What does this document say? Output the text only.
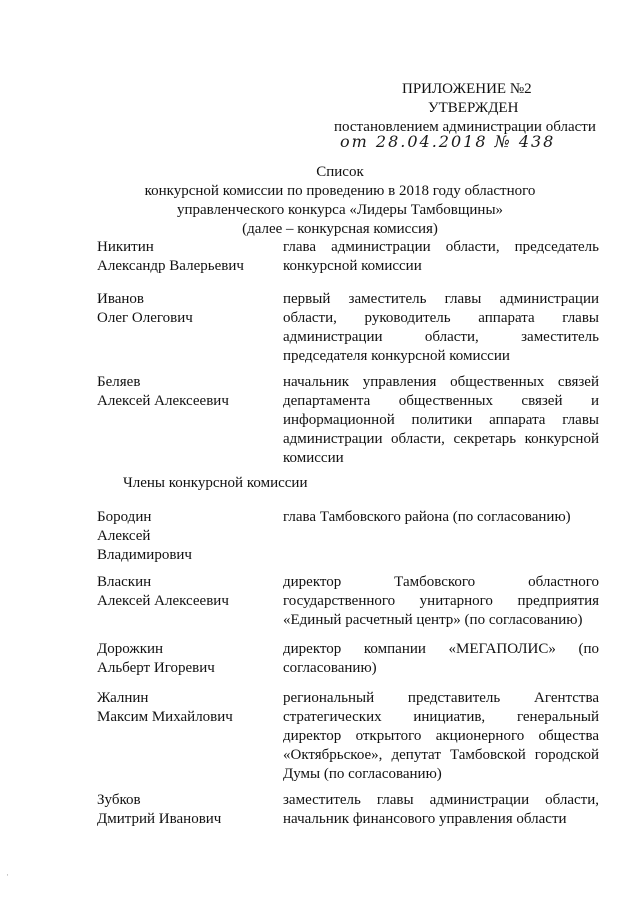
ПРИЛОЖЕНИЕ №2
УТВЕРЖДЕН
постановлением администрации области
от 28.04.2018 № 438
Список
конкурсной комиссии по проведению в 2018 году областного
управленческого конкурса «Лидеры Тамбовщины»
(далее – конкурсная комиссия)
Никитин
Александр Валерьевич
глава администрации области, председатель
конкурсной комиссии
Иванов
Олег Олегович
первый заместитель главы администрации
области, руководитель аппарата главы
администрации области, заместитель
председателя конкурсной комиссии
Беляев
Алексей Алексеевич
начальник управления общественных связей
департамента общественных связей и
информационной политики аппарата главы
администрации области, секретарь конкурсной
комиссии
Члены конкурсной комиссии
Бородин
Алексей
Владимирович
глава Тамбовского района (по согласованию)
Власкин
Алексей Алексеевич
директор Тамбовского областного
государственного унитарного предприятия
«Единый расчетный центр» (по согласованию)
Дорожкин
Альберт Игоревич
директор компании «МЕГАПОЛИС» (по
согласованию)
Жалнин
Максим Михайлович
региональный представитель Агентства
стратегических инициатив, генеральный
директор открытого акционерного общества
«Октябрьское», депутат Тамбовской городской
Думы (по согласованию)
Зубков
Дмитрий Иванович
заместитель главы администрации области,
начальник финансового управления области
·
